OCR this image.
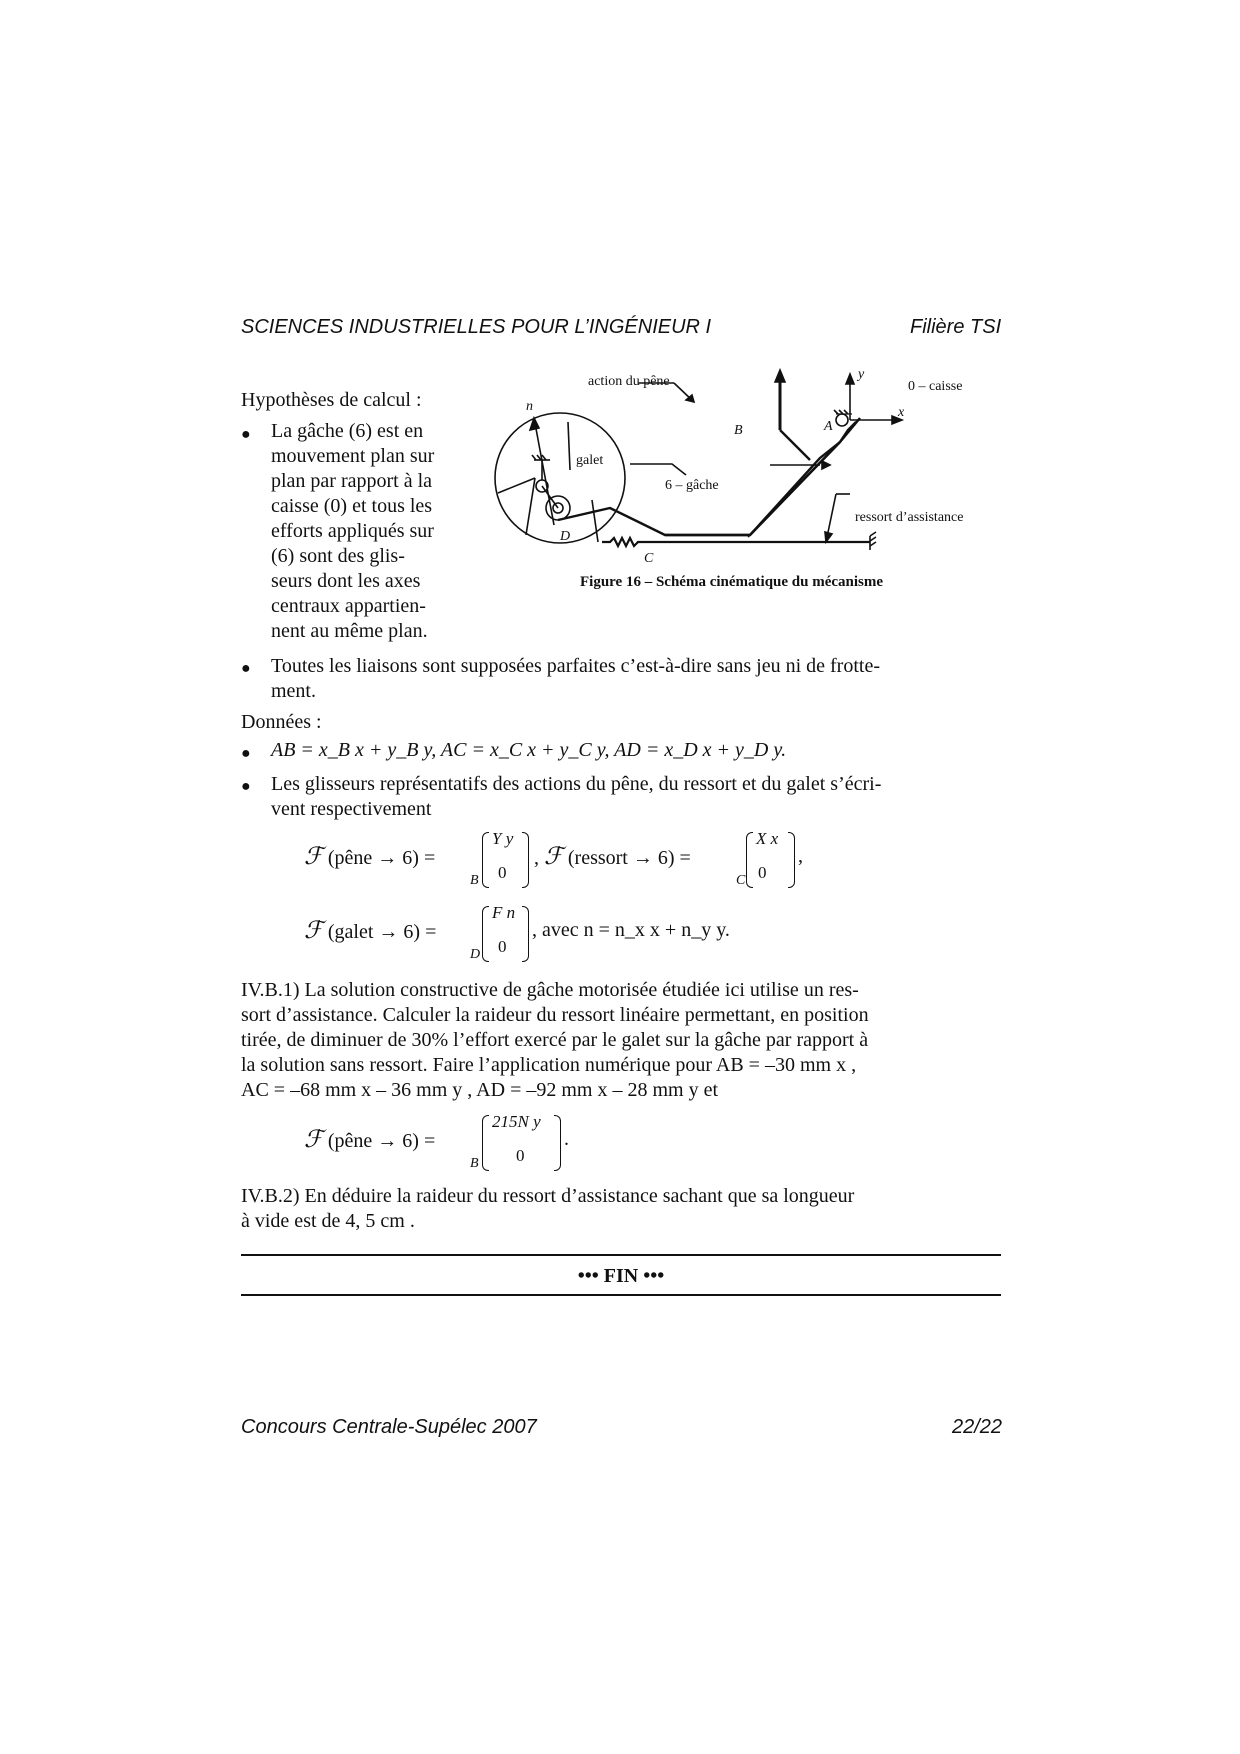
SCIENCES INDUSTRIELLES POUR L’INGÉNIEUR I	Filière TSI
Hypothèses de calcul :
● La gâche (6) est en
mouvement plan sur
plan par rapport à la
caisse (0) et tous les
efforts appliqués sur
(6) sont des glis-
seurs dont les axes
centraux appartien-
nent au même plan.
action du pêne
galet
6 – gâche
0 – caisse
ressort d’assistance
n
y
x
A
B
C
D
Figure 16 – Schéma cinématique du mécanisme
● Toutes les liaisons sont supposées parfaites c’est-à-dire sans jeu ni de frotte-
ment.
Données :
● AB = x_B x + y_B y, AC = x_C x + y_C y, AD = x_D x + y_D y.
● Les glisseurs représentatifs des actions du pêne, du ressort et du galet s’écri-
vent respectivement
ℱ (pêne → 6) =
Y y
0
B
, ℱ (ressort → 6) =
X x
0
C
,
ℱ (galet → 6) =
F n
0
D
, avec n = n_x x + n_y y.
IV.B.1) La solution constructive de gâche motorisée étudiée ici utilise un res-
sort d’assistance. Calculer la raideur du ressort linéaire permettant, en position
tirée, de diminuer de 30% l’effort exercé par le galet sur la gâche par rapport à
la solution sans ressort. Faire l’application numérique pour AB = –30 mm x ,
AC = –68 mm x – 36 mm y , AD = –92 mm x – 28 mm y et
ℱ (pêne → 6) =
215N y
0
B
.
IV.B.2) En déduire la raideur du ressort d’assistance sachant que sa longueur
à vide est de 4, 5 cm .
••• FIN •••
Concours Centrale-Supélec 2007	22/22
